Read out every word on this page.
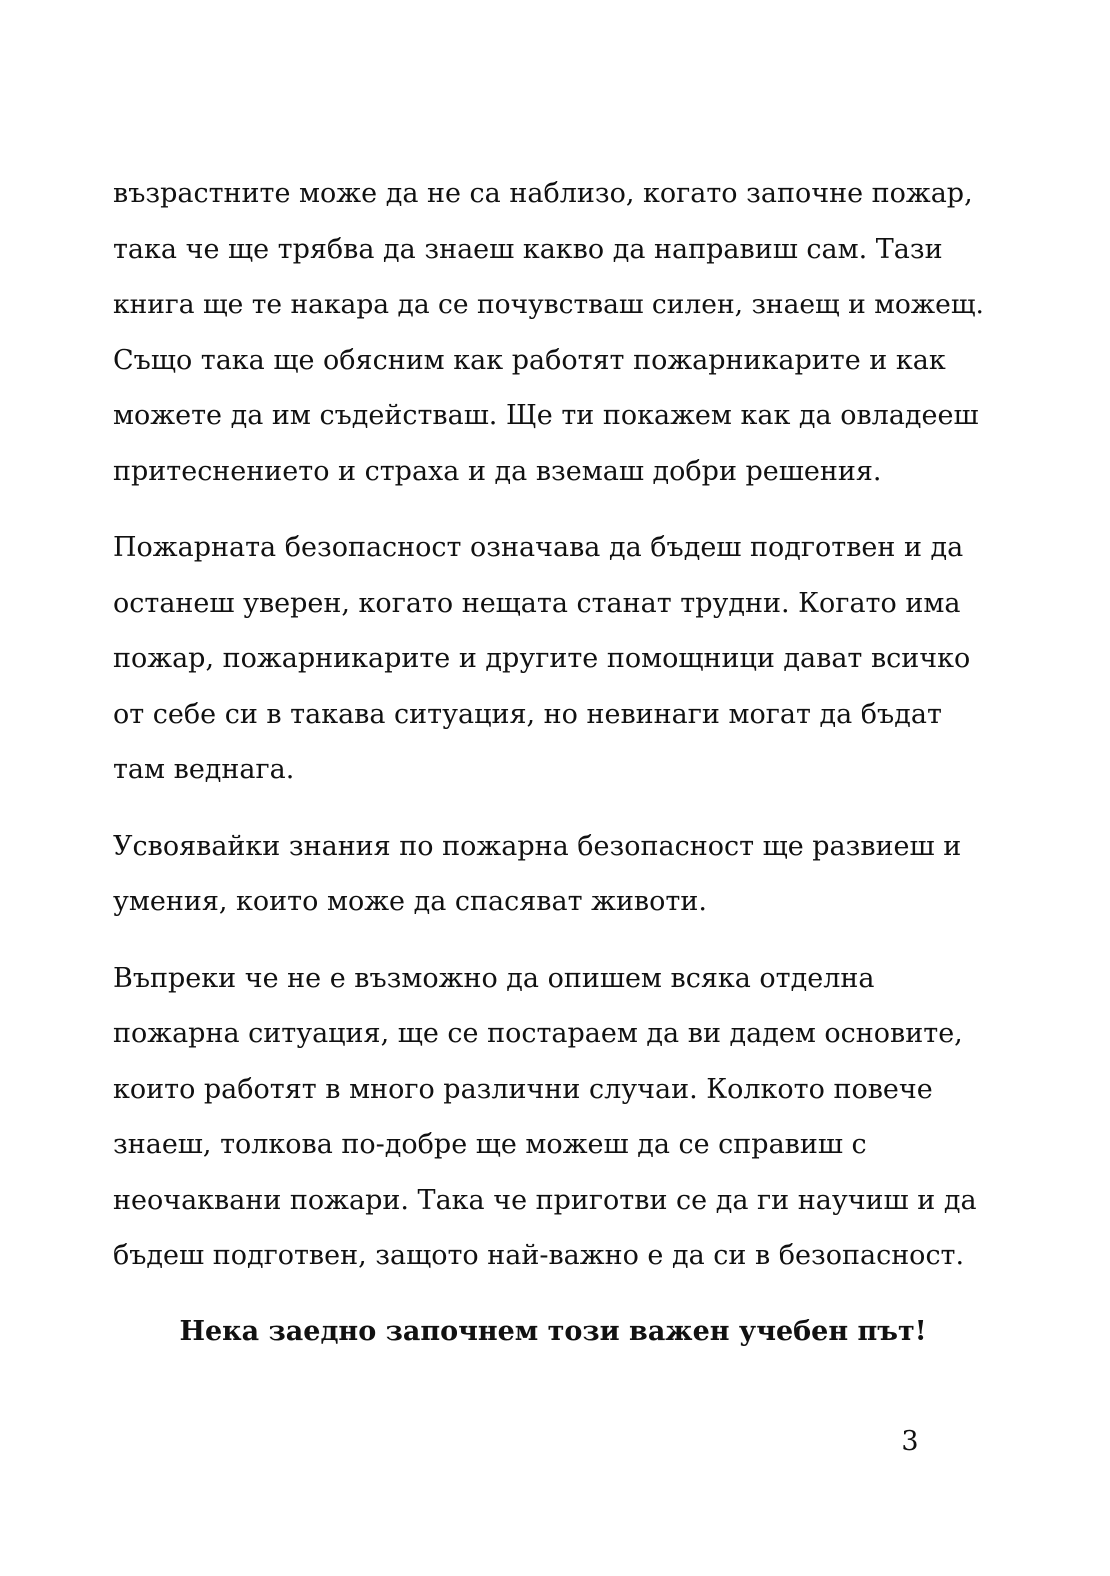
възрастните може да не са наблизо, когато започне пожар,
така че ще трябва да знаеш какво да направиш сам. Тази
книга ще те накара да се почувстваш силен, знаещ и можещ.
Също така ще обясним как работят пожарникарите и как
можете да им съдействаш. Ще ти покажем как да овладееш
притеснението и страха и да вземаш добри решения.
Пожарната безопасност означава да бъдеш подготвен и да
останеш уверен, когато нещата станат трудни. Когато има
пожар, пожарникарите и другите помощници дават всичко
от себе си в такава ситуация, но невинаги могат да бъдат
там веднага.
Усвоявайки знания по пожарна безопасност ще развиеш и
умения, които може да спасяват животи.
Въпреки че не е възможно да опишем всяка отделна
пожарна ситуация, ще се постараем да ви дадем основите,
които работят в много различни случаи. Колкото повече
знаеш, толкова по-добре ще можеш да се справиш с
неочаквани пожари. Така че приготви се да ги научиш и да
бъдеш подготвен, защото най-важно е да си в безопасност.
Нека заедно започнем този важен учебен път!
3
